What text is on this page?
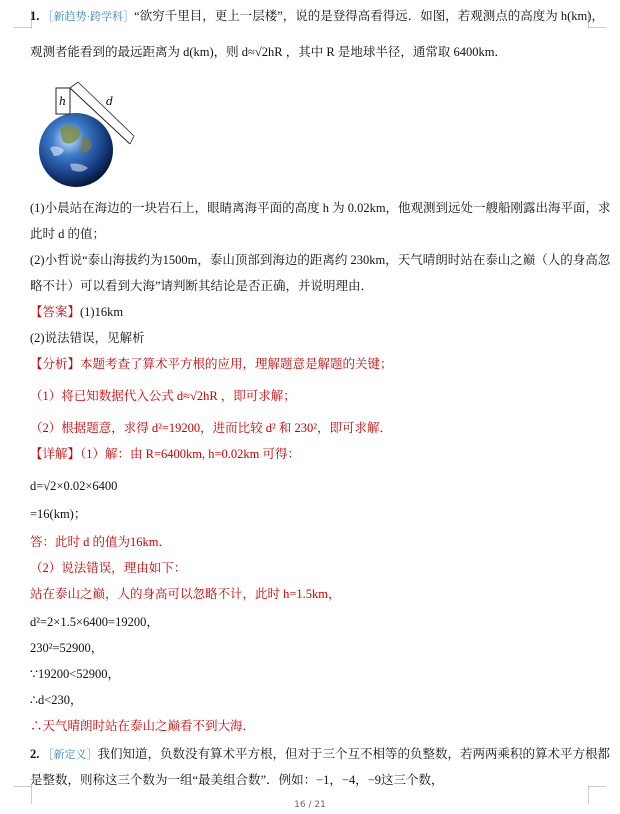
1. ［新趋势·跨学科］“欲穷千里目，更上一层楼”，说的是登得高看得远．如图，若观测点的高度为 h(km)，
观测者能看到的最远距离为 d(km)，则 d≈√2hR ，其中 R 是地球半径，通常取 6400km．
h	d
(1)小晨站在海边的一块岩石上，眼睛离海平面的高度 h 为 0.02km，他观测到远处一艘船刚露出海平面，求
此时 d 的值；
(2)小哲说“泰山海拔约为1500m，泰山顶部到海边的距离约 230km，天气晴朗时站在泰山之巅（人的身高忽
略不计）可以看到大海”请判断其结论是否正确，并说明理由．
【答案】(1)16km
(2)说法错误，见解析
【分析】本题考查了算术平方根的应用，理解题意是解题的关键；
（1）将已知数据代入公式 d≈√2hR ，即可求解；
（2）根据题意，求得 d²=19200，进而比较 d² 和 230²，即可求解．
【详解】（1）解：由 R=6400km, h=0.02km 可得：
d=√2×0.02×6400
=16(km)；
答：此时 d 的值为16km．
（2）说法错误，理由如下：
站在泰山之巅，人的身高可以忽略不计，此时 h=1.5km，
d²=2×1.5×6400=19200，
230²=52900，
∵19200<52900，
∴d<230，
∴天气晴朗时站在泰山之巅看不到大海．
2. ［新定义］我们知道，负数没有算术平方根，但对于三个互不相等的负整数，若两两乘积的算术平方根都
是整数，则称这三个数为一组“最美组合数”．例如：−1，−4，−9这三个数，
16 / 21
